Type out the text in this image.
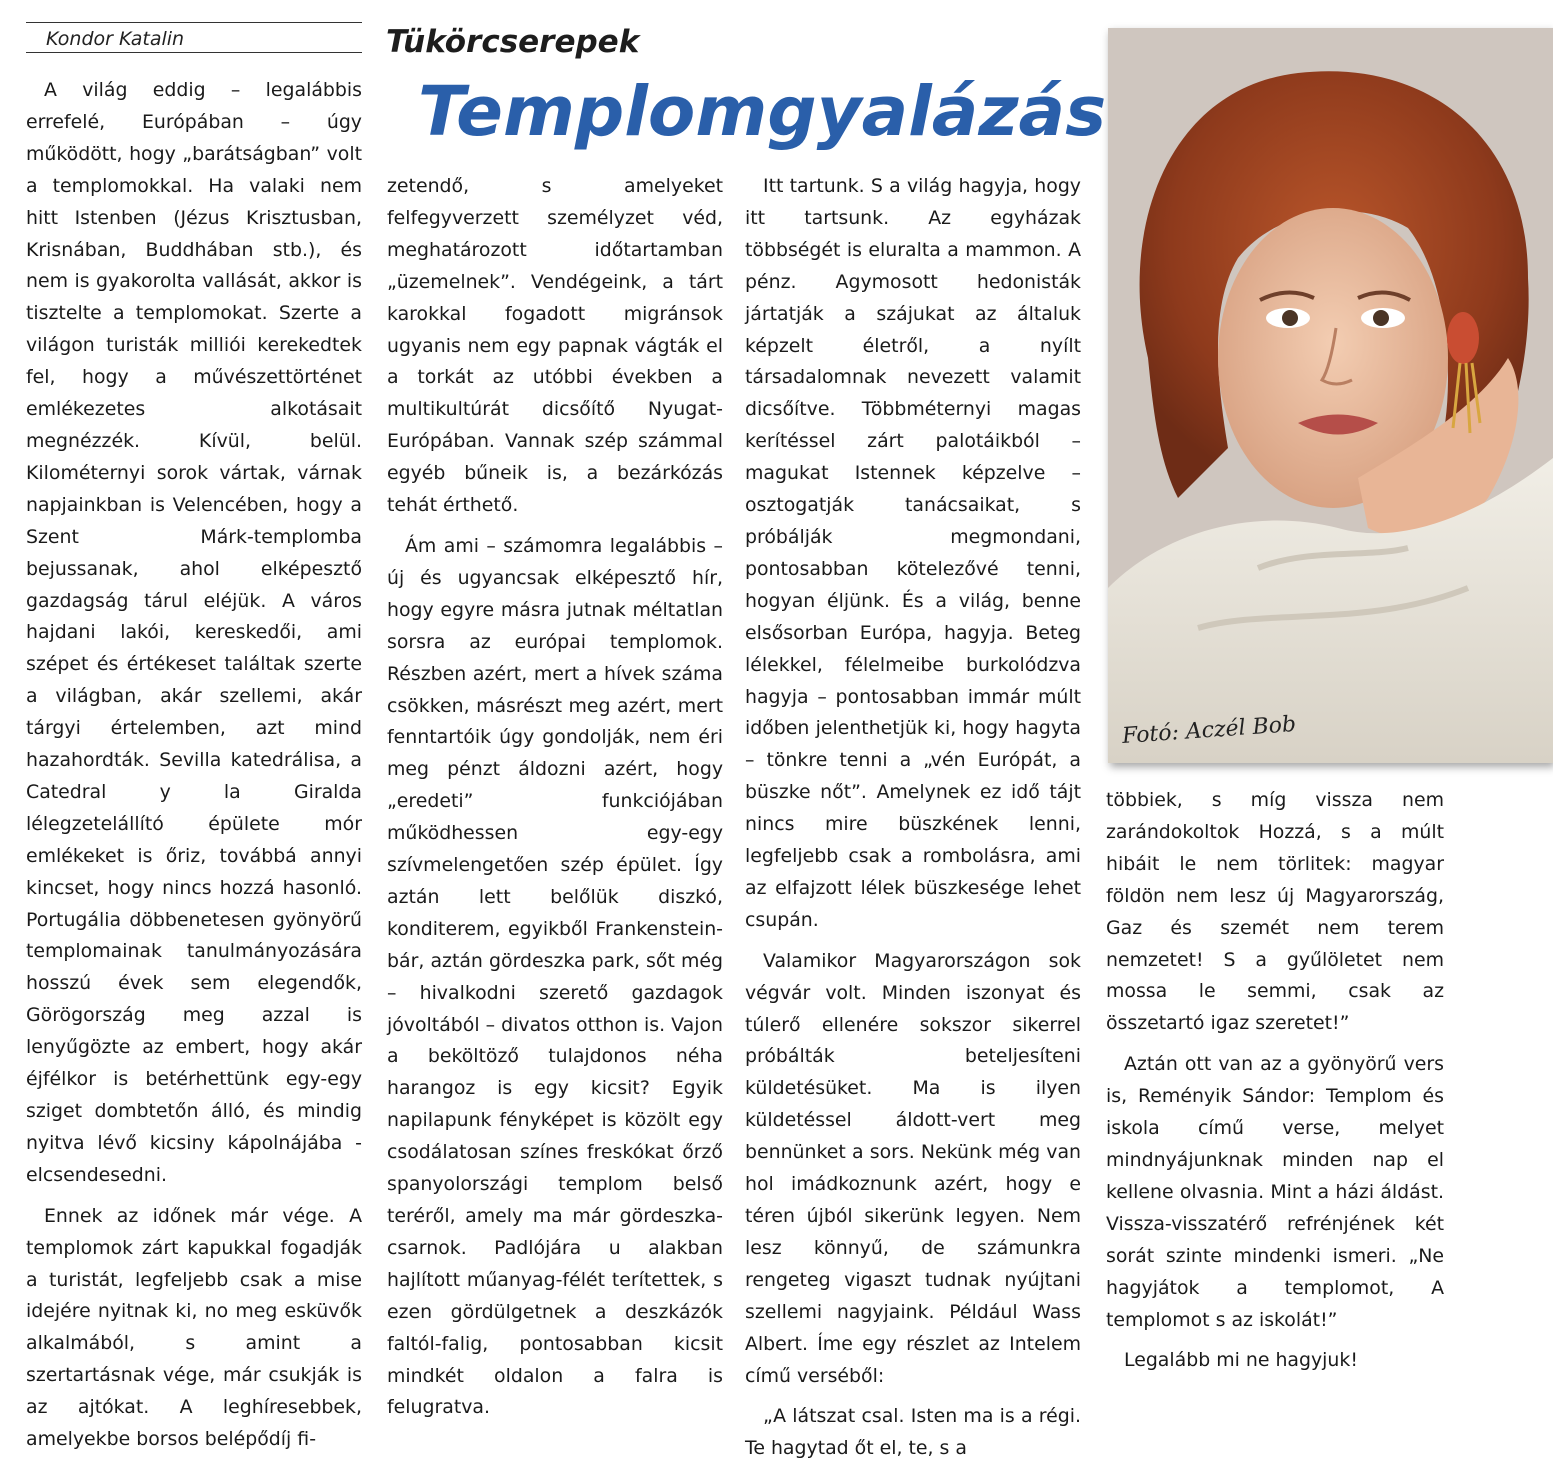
Kondor Katalin	Tükörcserepek
Templomgyalázás

A világ eddig – legalábbis errefelé, Európában – úgy működött, hogy „barátságban” volt a templomokkal. Ha valaki nem hitt Istenben (Jézus Krisztusban, Krisnában, Buddhában stb.), és nem is gyakorolta vallását, akkor is tisztelte a templomokat. Szerte a világon turisták milliói kerekedtek fel, hogy a művészettörténet emlékezetes alkotásait megnézzék. Kívül, belül. Kilométernyi sorok vártak, várnak napjainkban is Velencében, hogy a Szent Márk-templomba bejussanak, ahol elképesztő gazdagság tárul eléjük. A város hajdani lakói, kereskedői, ami szépet és értékeset találtak szerte a világban, akár szellemi, akár tárgyi értelemben, azt mind hazahordták. Sevilla katedrálisa, a Catedral y la Giralda lélegzetelállító épülete mór emlékeket is őriz, továbbá annyi kincset, hogy nincs hozzá hasonló. Portugália döbbenetesen gyönyörű templomainak tanulmányozására hosszú évek sem elegendők, Görögország meg azzal is lenyűgözte az embert, hogy akár éjfélkor is betérhettünk egy-egy sziget dombtetőn álló, és mindig nyitva lévő kicsiny kápolnájába - elcsendesedni.

Ennek az időnek már vége. A templomok zárt kapukkal fogadják a turistát, legfeljebb csak a mise idejére nyitnak ki, no meg esküvők alkalmából, s amint a szertartásnak vége, már csukják is az ajtókat. A leghíresebbek, amelyekbe borsos belépődíj fi-

zetendő, s amelyeket felfegyverzett személyzet véd, meghatározott időtartamban „üzemelnek”. Vendégeink, a tárt karokkal fogadott migránsok ugyanis nem egy papnak vágták el a torkát az utóbbi években a multikultúrát dicsőítő Nyugat-Európában. Vannak szép számmal egyéb bűneik is, a bezárkózás tehát érthető.

Ám ami – számomra legalábbis – új és ugyancsak elképesztő hír, hogy egyre másra jutnak méltatlan sorsra az európai templomok. Részben azért, mert a hívek száma csökken, másrészt meg azért, mert fenntartóik úgy gondolják, nem éri meg pénzt áldozni azért, hogy „eredeti” funkciójában működhessen egy-egy szívmelengetően szép épület. Így aztán lett belőlük diszkó, konditerem, egyikből Frankenstein-bár, aztán gördeszka park, sőt még – hivalkodni szerető gazdagok jóvoltából – divatos otthon is. Vajon a beköltöző tulajdonos néha harangoz is egy kicsit? Egyik napilapunk fényképet is közölt egy csodálatosan színes freskókat őrző spanyolországi templom belső teréről, amely ma már gördeszka-csarnok. Padlójára u alakban hajlított műanyag-félét terítettek, s ezen gördülgetnek a deszkázók faltól-falig, pontosabban kicsit mindkét oldalon a falra is felugratva.

Itt tartunk. S a világ hagyja, hogy itt tartsunk. Az egyházak többségét is eluralta a mammon. A pénz. Agymosott hedonisták jártatják a szájukat az általuk képzelt életről, a nyílt társadalomnak nevezett valamit dicsőítve. Többméternyi magas kerítéssel zárt palotáikból – magukat Istennek képzelve – osztogatják tanácsaikat, s próbálják megmondani, pontosabban kötelezővé tenni, hogyan éljünk. És a világ, benne elsősorban Európa, hagyja. Beteg lélekkel, félelmeibe burkolódzva hagyja – pontosabban immár múlt időben jelenthetjük ki, hogy hagyta – tönkre tenni a „vén Európát, a büszke nőt”. Amelynek ez idő tájt nincs mire büszkének lenni, legfeljebb csak a rombolásra, ami az elfajzott lélek büszkesége lehet csupán.

Valamikor Magyarországon sok végvár volt. Minden iszonyat és túlerő ellenére sokszor sikerrel próbálták beteljesíteni küldetésüket. Ma is ilyen küldetéssel áldott-vert meg bennünket a sors. Nekünk még van hol imádkoznunk azért, hogy e téren újból sikerünk legyen. Nem lesz könnyű, de számunkra rengeteg vigaszt tudnak nyújtani szellemi nagyjaink. Például Wass Albert. Íme egy részlet az Intelem című verséből:

„A látszat csal. Isten ma is a régi. Te hagytad őt el, te, s a

többiek, s míg vissza nem zarándokoltok Hozzá, s a múlt hibáit le nem törlitek: magyar földön nem lesz új Magyarország, Gaz és szemét nem terem nemzetet! S a gyűlöletet nem mossa le semmi, csak az összetartó igaz szeretet!”

Aztán ott van az a gyönyörű vers is, Reményik Sándor: Templom és iskola című verse, melyet mindnyájunknak minden nap el kellene olvasnia. Mint a házi áldást. Vissza-visszatérő refrénjének két sorát szinte mindenki ismeri. „Ne hagyjátok a templomot, A templomot s az iskolát!”

Legalább mi ne hagyjuk!

Fotó: Aczél Bob
